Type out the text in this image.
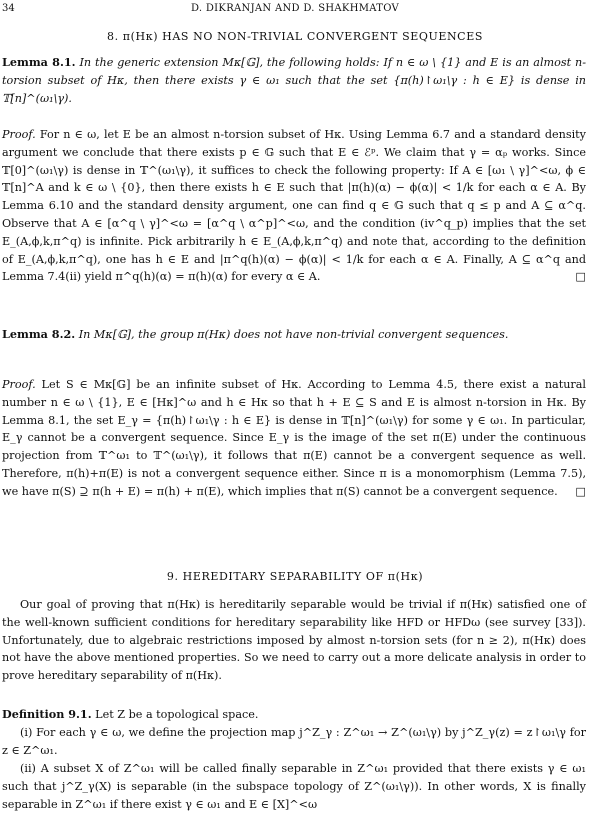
34	D. DIKRANJAN AND D. SHAKHMATOV
8. π(Hκ) HAS NO NON-TRIVIAL CONVERGENT SEQUENCES
Lemma 8.1. In the generic extension Mκ[𝔾], the following holds: If n ∈ ω \ {1} and E is an almost n-torsion subset of Hκ, then there exists γ ∈ ω₁ such that the set {π(h)↾ω₁\γ : h ∈ E} is dense in 𝕋[n]^(ω₁\γ).
Proof. For n ∈ ω, let E be an almost n-torsion subset of Hκ. Using Lemma 6.7 and a standard density argument we conclude that there exists p ∈ 𝔾 such that E ∈ ℰᵖ. We claim that γ = αₚ works. Since 𝕋[0]^(ω₁\γ) is dense in 𝕋^(ω₁\γ), it suffices to check the following property: If A ∈ [ω₁ \ γ]^<ω, ϕ ∈ 𝕋[n]^A and k ∈ ω \ {0}, then there exists h ∈ E such that |π(h)(α) − ϕ(α)| < 1/k for each α ∈ A. By Lemma 6.10 and the standard density argument, one can find q ∈ 𝔾 such that q ≤ p and A ⊆ α^q. Observe that A ∈ [α^q \ γ]^<ω = [α^q \ α^p]^<ω, and the condition (iv^q_p) implies that the set E_(A,ϕ,k,π^q) is infinite. Pick arbitrarily h ∈ E_(A,ϕ,k,π^q) and note that, according to the definition of E_(A,ϕ,k,π^q), one has h ∈ E and |π^q(h)(α) − ϕ(α)| < 1/k for each α ∈ A. Finally, A ⊆ α^q and Lemma 7.4(ii) yield π^q(h)(α) = π(h)(α) for every α ∈ A.	□
Lemma 8.2. In Mκ[𝔾], the group π(Hκ) does not have non-trivial convergent sequences.
Proof. Let S ∈ Mκ[𝔾] be an infinite subset of Hκ. According to Lemma 4.5, there exist a natural number n ∈ ω \ {1}, E ∈ [Hκ]^ω and h ∈ Hκ so that h + E ⊆ S and E is almost n-torsion in Hκ. By Lemma 8.1, the set E_γ = {π(h)↾ω₁\γ : h ∈ E} is dense in 𝕋[n]^(ω₁\γ) for some γ ∈ ω₁. In particular, E_γ cannot be a convergent sequence. Since E_γ is the image of the set π(E) under the continuous projection from 𝕋^ω₁ to 𝕋^(ω₁\γ), it follows that π(E) cannot be a convergent sequence as well. Therefore, π(h)+π(E) is not a convergent sequence either. Since π is a monomorphism (Lemma 7.5), we have π(S) ⊇ π(h + E) = π(h) + π(E), which implies that π(S) cannot be a convergent sequence. □
9. HEREDITARY SEPARABILITY OF π(Hκ)
Our goal of proving that π(Hκ) is hereditarily separable would be trivial if π(Hκ) satisfied one of the well-known sufficient conditions for hereditary separability like HFD or HFDω (see survey [33]). Unfortunately, due to algebraic restrictions imposed by almost n-torsion sets (for n ≥ 2), π(Hκ) does not have the above mentioned properties. So we need to carry out a more delicate analysis in order to prove hereditary separability of π(Hκ).
Definition 9.1. Let Z be a topological space.
(i) For each γ ∈ ω, we define the projection map j^Z_γ : Z^ω₁ → Z^(ω₁\γ) by j^Z_γ(z) = z↾ω₁\γ for z ∈ Z^ω₁.
(ii) A subset X of Z^ω₁ will be called finally separable in Z^ω₁ provided that there exists γ ∈ ω₁ such that j^Z_γ(X) is separable (in the subspace topology of Z^(ω₁\γ)). In other words, X is finally separable in Z^ω₁ if there exist γ ∈ ω₁ and E ∈ [X]^<ω
